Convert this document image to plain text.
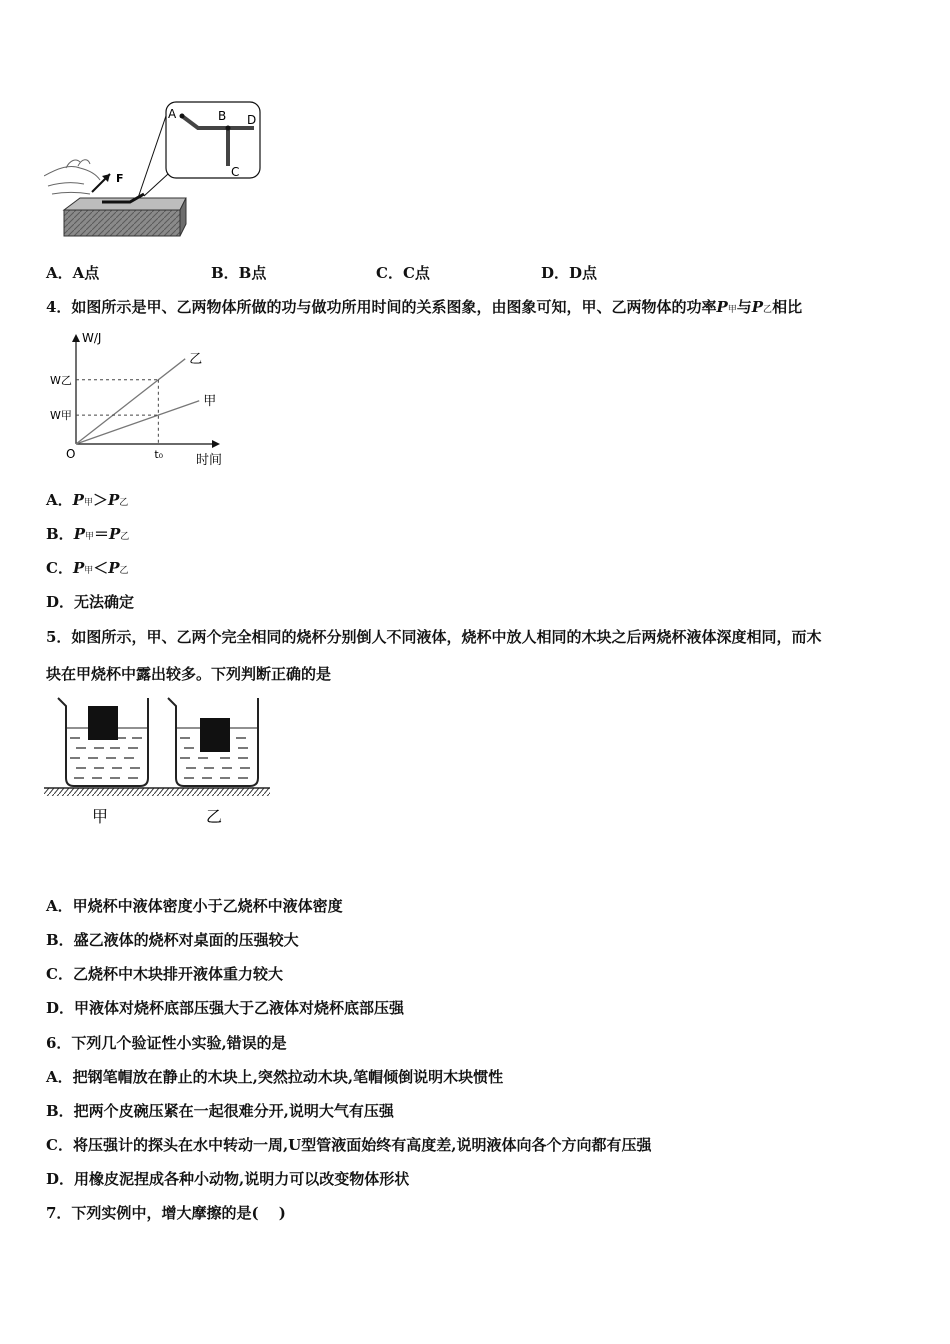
F
A	B D
C
A．A点	B．B点	C．C点	D．D点
4．如图所示是甲、乙两物体所做的功与做功所用时间的关系图象，由图象可知，甲、乙两物体的功率P甲与P乙相比
乙
甲
W/J
时间
O	t₀
W乙
W甲
A．P甲＞P乙
B．P甲＝P乙
C．P甲＜P乙
D．无法确定
5．如图所示，甲、乙两个完全相同的烧杯分别倒人不同液体，烧杯中放人相同的木块之后两烧杯液体深度相同，而木
块在甲烧杯中露出较多。下列判断正确的是
甲	乙
A．甲烧杯中液体密度小于乙烧杯中液体密度
B．盛乙液体的烧杯对桌面的压强较大
C．乙烧杯中木块排开液体重力较大
D．甲液体对烧杯底部压强大于乙液体对烧杯底部压强
6．下列几个验证性小实验,错误的是
A．把钢笔帽放在静止的木块上,突然拉动木块,笔帽倾倒说明木块惯性
B．把两个皮碗压紧在一起很难分开,说明大气有压强
C．将压强计的探头在水中转动一周,U型管液面始终有高度差,说明液体向各个方向都有压强
D．用橡皮泥捏成各种小动物,说明力可以改变物体形状
7．下列实例中，增大摩擦的是(　 )
